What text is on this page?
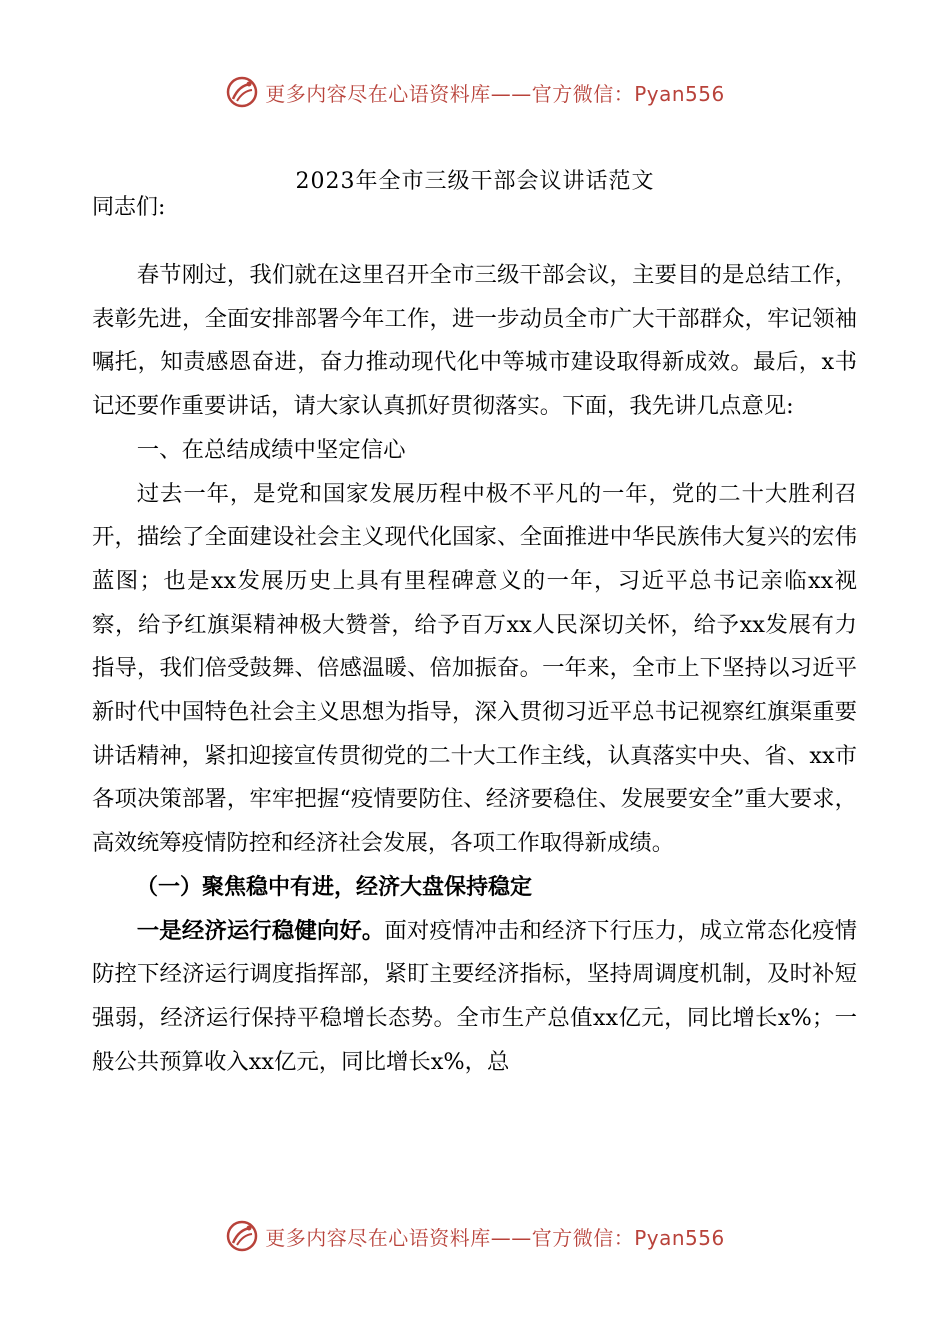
更多内容尽在心语资料库——官方微信：Pyan556
2023年全市三级干部会议讲话范文
同志们:

春节刚过，我们就在这里召开全市三级干部会议，主要目的是总结工作，表彰先进，全面安排部署今年工作，进一步动员全市广大干部群众，牢记领袖嘱托，知责感恩奋进，奋力推动现代化中等城市建设取得新成效。最后，x书记还要作重要讲话，请大家认真抓好贯彻落实。下面，我先讲几点意见:

一、在总结成绩中坚定信心

过去一年，是党和国家发展历程中极不平凡的一年，党的二十大胜利召开，描绘了全面建设社会主义现代化国家、全面推进中华民族伟大复兴的宏伟蓝图；也是xx发展历史上具有里程碑意义的一年，习近平总书记亲临xx视察，给予红旗渠精神极大赞誉，给予百万xx人民深切关怀，给予xx发展有力指导，我们倍受鼓舞、倍感温暖、倍加振奋。一年来，全市上下坚持以习近平新时代中国特色社会主义思想为指导，深入贯彻习近平总书记视察红旗渠重要讲话精神，紧扣迎接宣传贯彻党的二十大工作主线，认真落实中央、省、xx市各项决策部署，牢牢把握“疫情要防住、经济要稳住、发展要安全”重大要求，高效统筹疫情防控和经济社会发展，各项工作取得新成绩。

（一）聚焦稳中有进，经济大盘保持稳定

一是经济运行稳健向好。面对疫情冲击和经济下行压力，成立常态化疫情防控下经济运行调度指挥部，紧盯主要经济指标，坚持周调度机制，及时补短强弱，经济运行保持平稳增长态势。全市生产总值xx亿元，同比增长x%；一般公共预算收入xx亿元，同比增长x%，总

更多内容尽在心语资料库——官方微信：Pyan556
